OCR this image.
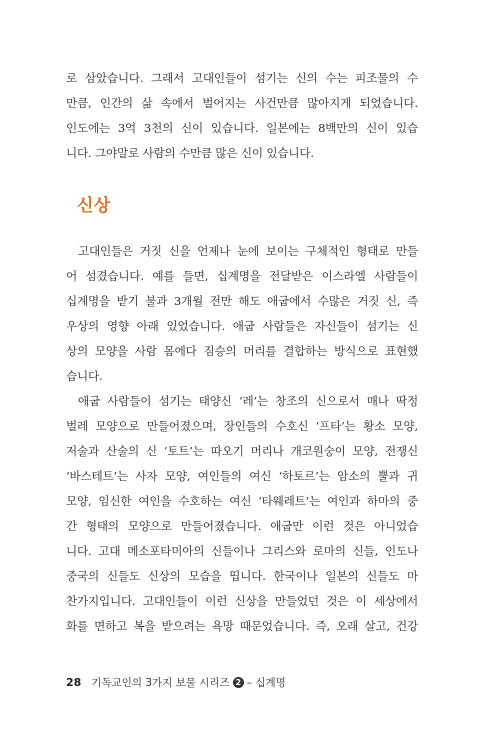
로 삼았습니다. 그래서 고대인들이 섬기는 신의 수는 피조물의 수
만큼, 인간의 삶 속에서 벌어지는 사건만큼 많아지게 되었습니다.
인도에는 3억 3천의 신이 있습니다. 일본에는 8백만의 신이 있습
니다. 그야말로 사람의 수만큼 많은 신이 있습니다.
신상
고대인들은 거짓 신을 언제나 눈에 보이는 구체적인 형태로 만들
어 섬겼습니다. 예를 들면, 십계명을 전달받은 이스라엘 사람들이
십계명을 받기 불과 3개월 전만 해도 애굽에서 수많은 거짓 신, 즉
우상의 영향 아래 있었습니다. 애굽 사람들은 자신들이 섬기는 신
상의 모양을 사람 몸에다 짐승의 머리를 결합하는 방식으로 표현했
습니다.
애굽 사람들이 섬기는 태양신 ‘레’는 창조의 신으로서 매나 딱정
벌레 모양으로 만들어졌으며, 장인들의 수호신 ‘프타’는 황소 모양,
저술과 산술의 신 ‘토트’는 따오기 머리나 개코원숭이 모양, 전쟁신
‘바스테트’는 사자 모양, 여인들의 여신 ‘하토르’는 암소의 뿔과 귀
모양, 임신한 여인을 수호하는 여신 ‘타웨레트’는 여인과 하마의 중
간 형태의 모양으로 만들어졌습니다. 애굽만 이런 것은 아니었습
니다. 고대 메소포타미아의 신들이나 그리스와 로마의 신들, 인도나
중국의 신들도 신상의 모습을 띱니다. 한국이나 일본의 신들도 마
찬가지입니다. 고대인들이 이런 신상을 만들었던 것은 이 세상에서
화를 면하고 복을 받으려는 욕망 때문었습니다. 즉, 오래 살고, 건강
28 기독교인의 3가지 보물 시리즈 2 – 십계명
